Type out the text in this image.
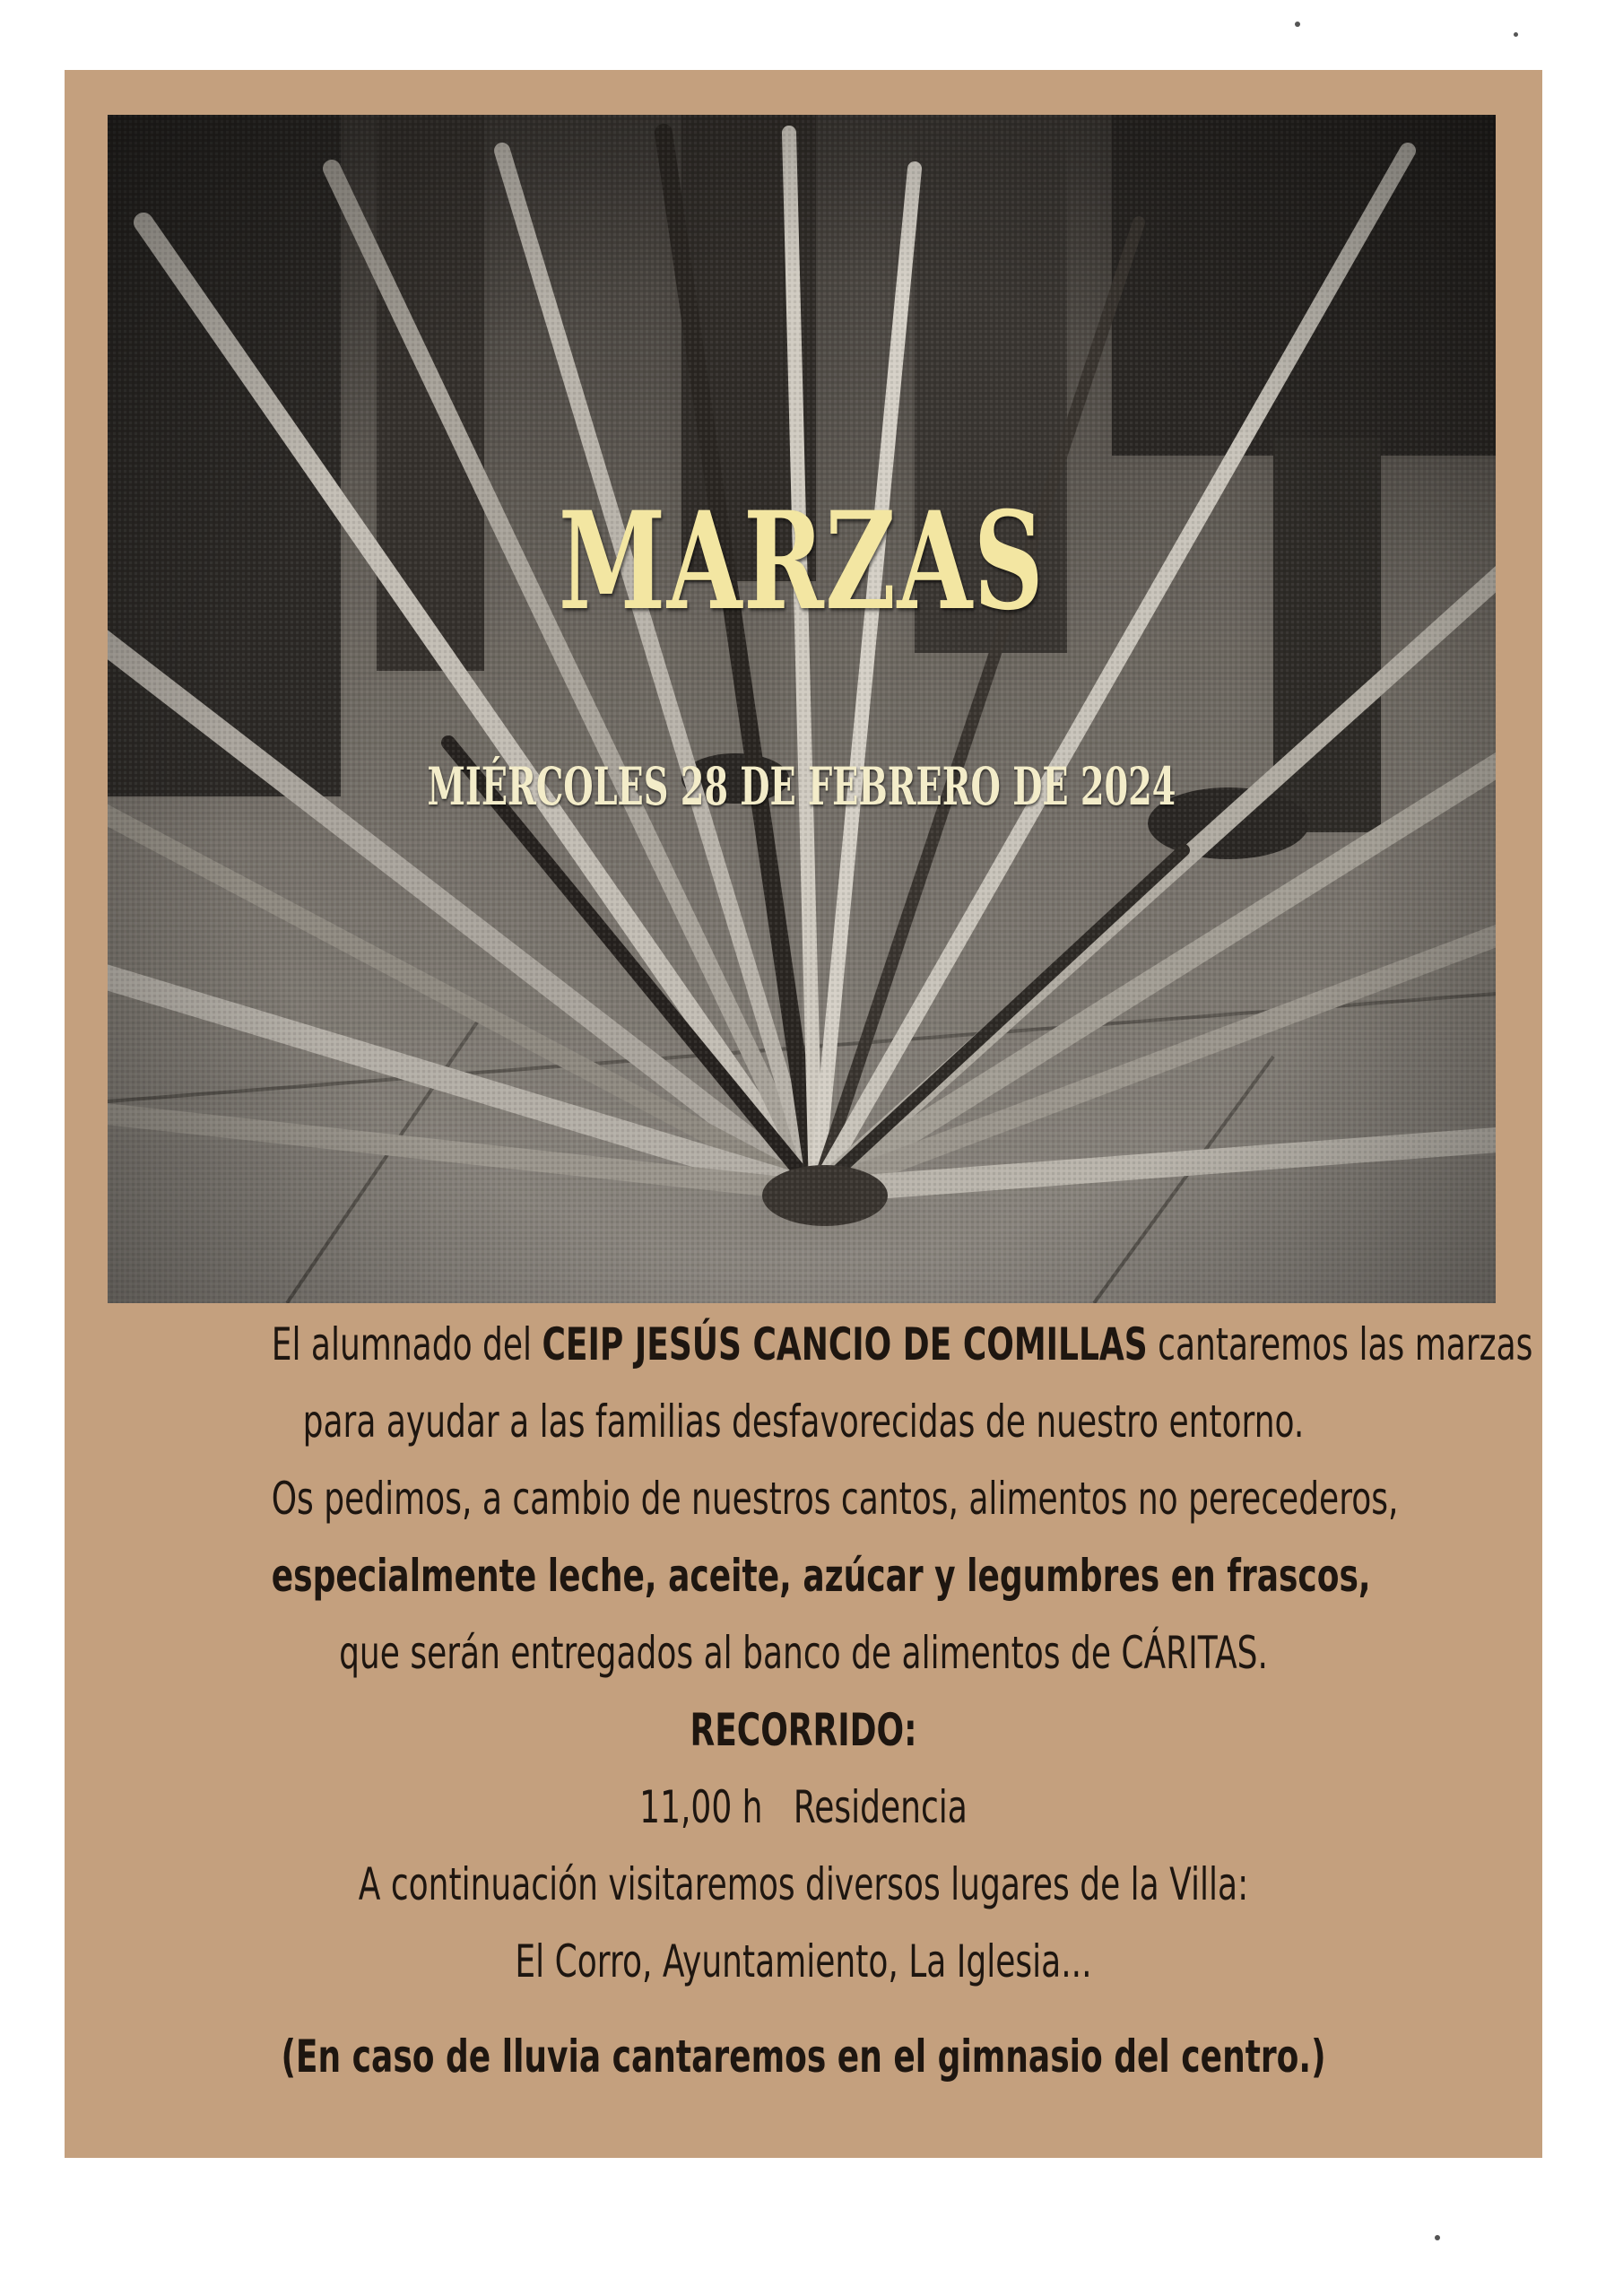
MARZAS
MIÉRCOLES 28 DE FEBRERO DE 2024
El alumnado del CEIP JESÚS CANCIO DE COMILLAS cantaremos las marzas
para ayudar a las familias desfavorecidas de nuestro entorno.
Os pedimos, a cambio de nuestros cantos, alimentos no perecederos,
especialmente leche, aceite, azúcar y legumbres en frascos,
que serán entregados al banco de alimentos de CÁRITAS.
RECORRIDO:
11,00 h Residencia
A continuación visitaremos diversos lugares de la Villa:
El Corro, Ayuntamiento, La Iglesia...
(En caso de lluvia cantaremos en el gimnasio del centro.)
